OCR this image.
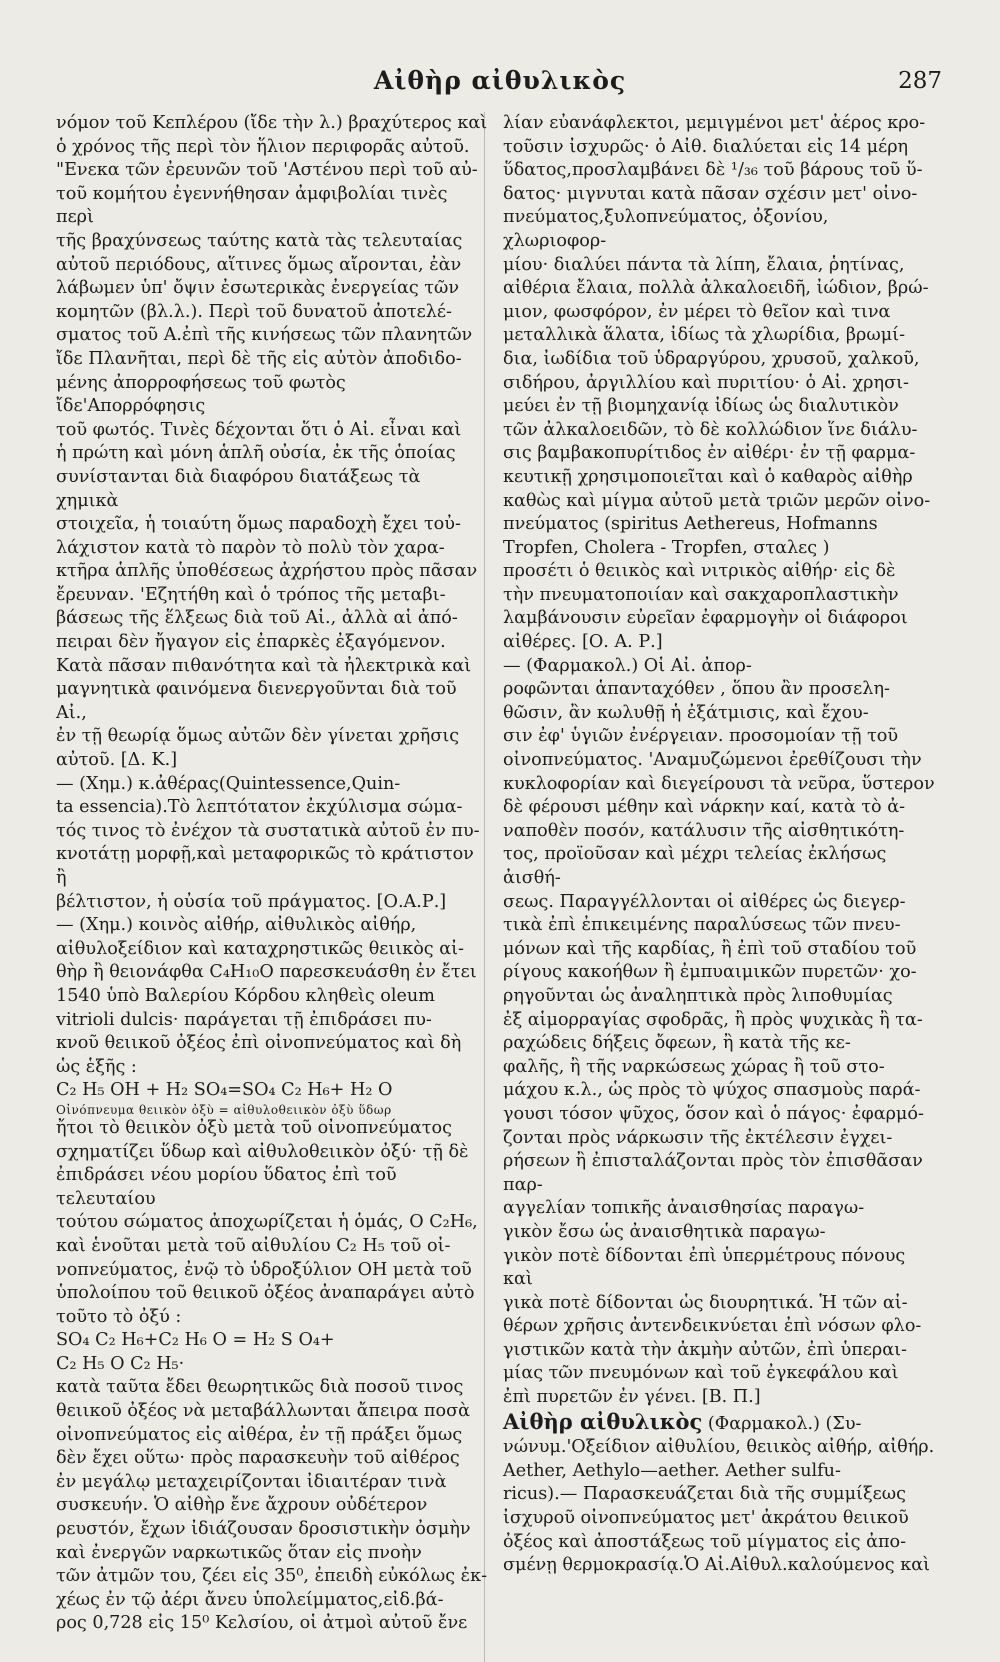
Αἰθὴρ αἰθυλικὸς	287

νόμον τοῦ Κεπλέρου (ἴδε τὴν λ.) βραχύτερος καὶ
ὁ χρόνος τῆς περὶ τὸν ἥλιον περιφορᾶς αὐτοῦ.
"Ενεκα τῶν ἐρευνῶν τοῦ 'Αστένου περὶ τοῦ αὐ-
τοῦ κομήτου ἐγεννήθησαν ἀμφιβολίαι τινὲς περὶ
τῆς βραχύνσεως ταύτης κατὰ τὰς τελευταίας
αὐτοῦ περιόδους, αἵτινες ὅμως αἴρονται, ἐὰν
λάβωμεν ὑπ' ὄψιν ἐσωτερικὰς ἐνεργείας τῶν
κομητῶν (βλ.λ.). Περὶ τοῦ δυνατοῦ ἀποτελέ-
σματος τοῦ Α.ἐπὶ τῆς κινήσεως τῶν πλανητῶν
ἴδε Πλανῆται, περὶ δὲ τῆς εἰς αὐτὸν ἀποδιδο-
μένης ἀπορροφήσεως τοῦ φωτὸς ἴδε'Απορρόφησις
τοῦ φωτός. Τινὲς δέχονται ὅτι ὁ Αἰ. εἶναι καὶ
ἡ πρώτη καὶ μόνη ἁπλῆ οὐσία, ἐκ τῆς ὁποίας
συνίστανται διὰ διαφόρου διατάξεως τὰ χημικὰ
στοιχεῖα, ἡ τοιαύτη ὅμως παραδοχὴ ἔχει τοὐ-
λάχιστον κατὰ τὸ παρὸν τὸ πολὺ τὸν χαρα-
κτῆρα ἁπλῆς ὑποθέσεως ἀχρήστου πρὸς πᾶσαν
ἔρευναν. 'Εζητήθη καὶ ὁ τρόπος τῆς μεταβι-
βάσεως τῆς ἕλξεως διὰ τοῦ Αἰ., ἀλλὰ αἱ ἀπό-
πειραι δὲν ἤγαγον εἰς ἐπαρκὲς ἐξαγόμενον.
Κατὰ πᾶσαν πιθανότητα καὶ τὰ ἠλεκτρικὰ καὶ
μαγνητικὰ φαινόμενα διενεργοῦνται διὰ τοῦ Αἰ.,
ἐν τῇ θεωρίᾳ ὅμως αὐτῶν δὲν γίνεται χρῆσις
αὐτοῦ. [Δ. Κ.]

— (Χημ.) κ.ἀθέρας(Quintessence,Quin-
ta essencia).Τὸ λεπτότατον ἐκχύλισμα σώμα-
τός τινος τὸ ἐνέχον τὰ συστατικὰ αὐτοῦ ἐν πυ-
κνοτάτῃ μορφῇ,καὶ μεταφορικῶς τὸ κράτιστον ἢ
βέλτιστον, ἡ οὐσία τοῦ πράγματος. [Ο.Α.Ρ.]

— (Χημ.) κοινὸς αἰθήρ, αἰθυλικὸς αἰθήρ,
αἰθυλοξείδιον καὶ καταχρηστικῶς θειικὸς αἰ-
θὴρ ἢ θειονάφθα C₄H₁₀O παρεσκευάσθη ἐν ἔτει
1540 ὑπὸ Βαλερίου Κόρδου κληθεὶς oleum
vitrioli dulcis· παράγεται τῇ ἐπιδράσει πυ-
κνοῦ θειικοῦ ὀξέος ἐπὶ οἰνοπνεύματος καὶ δὴ
ὡς ἑξῆς :

C₂ H₅ OH + H₂ SO₄=SO₄ C₂ H₆+ H₂ O

Οἰνόπνευμα θειικὸν ὀξὺ = αἰθυλοθειικὸν ὀξὺ ὕδωρ

ἤτοι τὸ θειικὸν ὀξὺ μετὰ τοῦ οἰνοπνεύματος
σχηματίζει ὕδωρ καὶ αἰθυλοθειικὸν ὀξύ· τῇ δὲ
ἐπιδράσει νέου μορίου ὕδατος ἐπὶ τοῦ τελευταίου
τούτου σώματος ἀποχωρίζεται ἡ ὁμάς, O C₂H₆,
καὶ ἑνοῦται μετὰ τοῦ αἰθυλίου C₂ H₅ τοῦ οἰ-
νοπνεύματος, ἐνῷ τὸ ὑδροξύλιον OH μετὰ τοῦ
ὑπολοίπου τοῦ θειικοῦ ὀξέος ἀναπαράγει αὐτὸ
τοῦτο τὸ ὀξύ :

SO₄ C₂ H₆+C₂ H₆ O = H₂ S O₄+
C₂ H₅ O C₂ H₅·

κατὰ ταῦτα ἔδει θεωρητικῶς διὰ ποσοῦ τινος
θειικοῦ ὀξέος νὰ μεταβάλλωνται ἄπειρα ποσὰ
οἰνοπνεύματος εἰς αἰθέρα, ἐν τῇ πράξει ὅμως
δὲν ἔχει οὕτω· πρὸς παρασκευὴν τοῦ αἰθέρος
ἐν μεγάλῳ μεταχειρίζονται ἰδιαιτέραν τινὰ
συσκευήν. Ὁ αἰθὴρ ἔνε ἄχρουν οὐδέτερον
ρευστόν, ἔχων ἰδιάζουσαν δροσιστικὴν ὀσμὴν
καὶ ἐνεργῶν ναρκωτικῶς ὅταν εἰς πνοὴν
τῶν ἀτμῶν του, ζέει εἰς 35⁰, ἐπειδὴ εὐκόλως ἐκ-
χέως ἐν τῷ ἀέρι ἄνευ ὑπολείμματος,εἰδ.βά-
ρος 0,728 εἰς 15⁰ Κελσίου, οἱ ἀτμοὶ αὐτοῦ ἔνε

λίαν εὐανάφλεκτοι, μεμιγμένοι μετ' ἀέρος κρο-
τοῦσιν ἰσχυρῶς· ὁ Αἰθ. διαλύεται εἰς 14 μέρη
ὕδατος,προσλαμβάνει δὲ ¹/₃₆ τοῦ βάρους τοῦ ὕ-
δατος· μιγνυται κατὰ πᾶσαν σχέσιν μετ' οἰνο-
πνεύματος,ξυλοπνεύματος, ὀξονίου, χλωριοφορ-
μίου· διαλύει πάντα τὰ λίπη, ἔλαια, ῥητίνας,
αἰθέρια ἔλαια, πολλὰ ἀλκαλοειδῆ, ἰώδιον, βρώ-
μιον, φωσφόρον, ἐν μέρει τὸ θεῖον καὶ τινα
μεταλλικὰ ἅλατα, ἰδίως τὰ χλωρίδια, βρωμί-
δια, ἰωδίδια τοῦ ὑδραργύρου, χρυσοῦ, χαλκοῦ,
σιδήρου, ἀργιλλίου καὶ πυριτίου· ὁ Αἰ. χρησι-
μεύει ἐν τῇ βιομηχανίᾳ ἰδίως ὡς διαλυτικὸν
τῶν ἀλκαλοειδῶν, τὸ δὲ κολλώδιον ἵνε διάλυ-
σις βαμβακοπυρίτιδος ἐν αἰθέρι· ἐν τῇ φαρμα-
κευτικῇ χρησιμοποιεῖται καὶ ὁ καθαρὸς αἰθὴρ
καθὼς καὶ μίγμα αὐτοῦ μετὰ τριῶν μερῶν οἰνο-
πνεύματος (spiritus Aethereus, Hofmanns
Tropfen, Cholera - Tropfen, σταλες )
προσέτι ὁ θειικὸς καὶ νιτρικὸς αἰθήρ· εἰς δὲ
τὴν πνευματοποιίαν καὶ σακχαροπλαστικὴν
λαμβάνουσιν εὐρεῖαν ἐφαρμογὴν οἱ διάφοροι
αἰθέρες. [Ο. Α. Ρ.]

— (Φαρμακολ.) Οἱ Αἰ. ἀπορ-
ροφῶνται ἁπανταχόθεν , ὅπου ἂν προσελη-
θῶσιν, ἂν κωλυθῇ ἡ ἐξάτμισις, καὶ ἔχου-
σιν ἐφ' ὑγιῶν ἐνέργειαν. προσομοίαν τῇ τοῦ
οἰνοπνεύματος. 'Αναμυζώμενοι ἐρεθίζουσι τὴν
κυκλοφορίαν καὶ διεγείρουσι τὰ νεῦρα, ὕστερον
δὲ φέρουσι μέθην καὶ νάρκην καί, κατὰ τὸ ἀ-
ναποθὲν ποσόν, κατάλυσιν τῆς αἰσθητικότη-
τος, προϊοῦσαν καὶ μέχρι τελείας ἐκλήσως ἀισθή-
σεως. Παραγγέλλονται οἱ αἰθέρες ὡς διεγερ-
τικὰ ἐπὶ ἐπικειμένης παραλύσεως τῶν πνευ-
μόνων καὶ τῆς καρδίας, ἢ ἐπὶ τοῦ σταδίου τοῦ
ρίγους κακοήθων ἢ ἐμπυαιμικῶν πυρετῶν· χο-
ρηγοῦνται ὡς ἀναληπτικὰ πρὸς λιποθυμίας
ἐξ αἱμορραγίας σφοδρᾶς, ἢ πρὸς ψυχικὰς ἢ τα-
ραχώδεις δήξεις ὄφεων, ἢ κατὰ τῆς κε-
φαλῆς, ἢ τῆς ναρκώσεως χώρας ἢ τοῦ στο-
μάχου κ.λ., ὡς πρὸς τὸ ψύχος σπασμοὺς παρά-
γουσι τόσον ψῦχος, ὅσον καὶ ὁ πάγος· ἐφαρμό-
ζονται πρὸς νάρκωσιν τῆς ἐκτέλεσιν ἐγχει-
ρήσεων ἢ ἐπισταλάζονται πρὸς τὸν ἐπισθᾶσαν παρ-
αγγελίαν τοπικῆς ἀναισθησίας παραγω-
γικὸν ἔσω ὡς ἀναισθητικὰ παραγω-
γικὸν ποτὲ δίδονται ἐπὶ ὑπερμέτρους πόνους καὶ
γικὰ ποτὲ δίδονται ὡς διουρητικά. Ἡ τῶν αἰ-
θέρων χρῆσις ἀντενδεικνύεται ἐπὶ νόσων φλο-
γιστικῶν κατὰ τὴν ἀκμὴν αὐτῶν, ἐπὶ ὑπεραι-
μίας τῶν πνευμόνων καὶ τοῦ ἐγκεφάλου καὶ
ἐπὶ πυρετῶν ἐν γένει. [Β. Π.]

Αἰθὴρ αἰθυλικὸς (Φαρμακολ.) (Συ-
νώνυμ.'Οξείδιον αἰθυλίου, θειικὸς αἰθήρ, αἰθήρ.
Aether, Aethylo—aether. Aether sulfu-
ricus).— Παρασκευάζεται διὰ τῆς συμμίξεως
ἰσχυροῦ οἰνοπνεύματος μετ' ἀκράτου θειικοῦ
ὀξέος καὶ ἀποστάξεως τοῦ μίγματος εἰς ἀπο-
σμένῃ θερμοκρασίᾳ.Ὁ Αἰ.Αἰθυλ.καλούμενος καὶ
